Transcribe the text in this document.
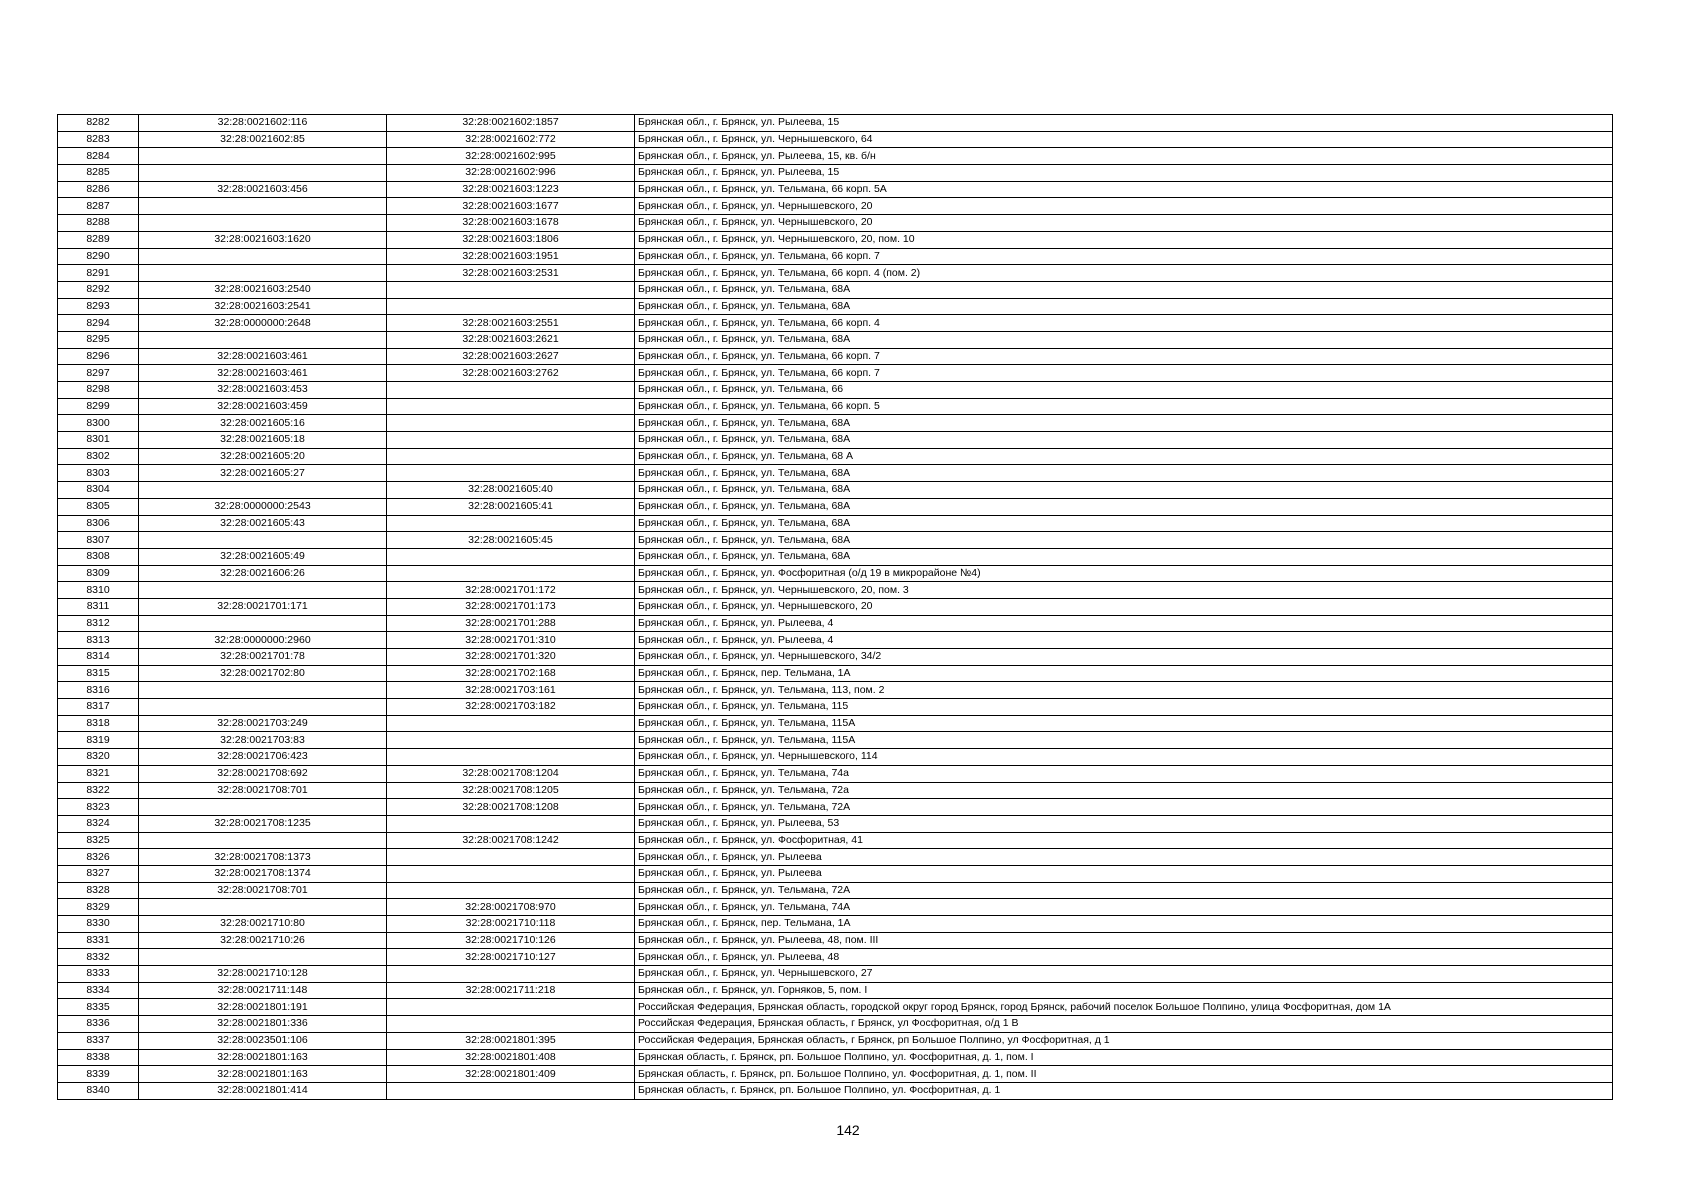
8282	32:28:0021602:116	32:28:0021602:1857	Брянская обл., г. Брянск, ул. Рылеева, 15
8283	32:28:0021602:85	32:28:0021602:772	Брянская обл., г. Брянск, ул. Чернышевского, 64
8284		32:28:0021602:995	Брянская обл., г. Брянск, ул. Рылеева, 15, кв. б/н
8285		32:28:0021602:996	Брянская обл., г. Брянск, ул. Рылеева, 15
8286	32:28:0021603:456	32:28:0021603:1223	Брянская обл., г. Брянск, ул. Тельмана, 66 корп. 5А
8287		32:28:0021603:1677	Брянская обл., г. Брянск, ул. Чернышевского, 20
8288		32:28:0021603:1678	Брянская обл., г. Брянск, ул. Чернышевского, 20
8289	32:28:0021603:1620	32:28:0021603:1806	Брянская обл., г. Брянск, ул. Чернышевского, 20, пом. 10
8290		32:28:0021603:1951	Брянская обл., г. Брянск, ул. Тельмана, 66 корп. 7
8291		32:28:0021603:2531	Брянская обл., г. Брянск, ул. Тельмана, 66 корп. 4 (пом. 2)
8292	32:28:0021603:2540		Брянская обл., г. Брянск, ул. Тельмана, 68А
8293	32:28:0021603:2541		Брянская обл., г. Брянск, ул. Тельмана, 68А
8294	32:28:0000000:2648	32:28:0021603:2551	Брянская обл., г. Брянск, ул. Тельмана, 66 корп. 4
8295		32:28:0021603:2621	Брянская обл., г. Брянск, ул. Тельмана, 68А
8296	32:28:0021603:461	32:28:0021603:2627	Брянская обл., г. Брянск, ул. Тельмана, 66 корп. 7
8297	32:28:0021603:461	32:28:0021603:2762	Брянская обл., г. Брянск, ул. Тельмана, 66 корп. 7
8298	32:28:0021603:453		Брянская обл., г. Брянск, ул. Тельмана, 66
8299	32:28:0021603:459		Брянская обл., г. Брянск, ул. Тельмана, 66 корп. 5
8300	32:28:0021605:16		Брянская обл., г. Брянск, ул. Тельмана, 68А
8301	32:28:0021605:18		Брянская обл., г. Брянск, ул. Тельмана, 68А
8302	32:28:0021605:20		Брянская обл., г. Брянск, ул. Тельмана, 68 А
8303	32:28:0021605:27		Брянская обл., г. Брянск, ул. Тельмана, 68А
8304		32:28:0021605:40	Брянская обл., г. Брянск, ул. Тельмана, 68А
8305	32:28:0000000:2543	32:28:0021605:41	Брянская обл., г. Брянск, ул. Тельмана, 68А
8306	32:28:0021605:43		Брянская обл., г. Брянск, ул. Тельмана, 68А
8307		32:28:0021605:45	Брянская обл., г. Брянск, ул. Тельмана, 68А
8308	32:28:0021605:49		Брянская обл., г. Брянск, ул. Тельмана, 68А
8309	32:28:0021606:26		Брянская обл., г. Брянск, ул. Фосфоритная (о/д 19 в микрорайоне №4)
8310		32:28:0021701:172	Брянская обл., г. Брянск, ул. Чернышевского, 20, пом. 3
8311	32:28:0021701:171	32:28:0021701:173	Брянская обл., г. Брянск, ул. Чернышевского, 20
8312		32:28:0021701:288	Брянская обл., г. Брянск, ул. Рылеева, 4
8313	32:28:0000000:2960	32:28:0021701:310	Брянская обл., г. Брянск, ул. Рылеева, 4
8314	32:28:0021701:78	32:28:0021701:320	Брянская обл., г. Брянск, ул. Чернышевского, 34/2
8315	32:28:0021702:80	32:28:0021702:168	Брянская обл., г. Брянск, пер. Тельмана, 1А
8316		32:28:0021703:161	Брянская обл., г. Брянск, ул. Тельмана, 113, пом. 2
8317		32:28:0021703:182	Брянская обл., г. Брянск, ул. Тельмана, 115
8318	32:28:0021703:249		Брянская обл., г. Брянск, ул. Тельмана, 115А
8319	32:28:0021703:83		Брянская обл., г. Брянск, ул. Тельмана, 115А
8320	32:28:0021706:423		Брянская обл., г. Брянск, ул. Чернышевского, 114
8321	32:28:0021708:692	32:28:0021708:1204	Брянская обл., г. Брянск, ул. Тельмана, 74а
8322	32:28:0021708:701	32:28:0021708:1205	Брянская обл., г. Брянск, ул. Тельмана, 72а
8323		32:28:0021708:1208	Брянская обл., г. Брянск, ул. Тельмана, 72А
8324	32:28:0021708:1235		Брянская обл., г. Брянск, ул. Рылеева, 53
8325		32:28:0021708:1242	Брянская обл., г. Брянск, ул. Фосфоритная, 41
8326	32:28:0021708:1373		Брянская обл., г. Брянск, ул. Рылеева
8327	32:28:0021708:1374		Брянская обл., г. Брянск, ул. Рылеева
8328	32:28:0021708:701		Брянская обл., г. Брянск, ул. Тельмана, 72А
8329		32:28:0021708:970	Брянская обл., г. Брянск, ул. Тельмана, 74А
8330	32:28:0021710:80	32:28:0021710:118	Брянская обл., г. Брянск, пер. Тельмана, 1А
8331	32:28:0021710:26	32:28:0021710:126	Брянская обл., г. Брянск, ул. Рылеева, 48, пом. III
8332		32:28:0021710:127	Брянская обл., г. Брянск, ул. Рылеева, 48
8333	32:28:0021710:128		Брянская обл., г. Брянск, ул. Чернышевского, 27
8334	32:28:0021711:148	32:28:0021711:218	Брянская обл., г. Брянск, ул. Горняков, 5, пом. I
8335	32:28:0021801:191		Российская Федерация, Брянская область, городской округ город Брянск, город Брянск, рабочий поселок Большое Полпино, улица Фосфоритная, дом 1А
8336	32:28:0021801:336		Российская Федерация, Брянская область, г Брянск, ул Фосфоритная, о/д 1 В
8337	32:28:0023501:106	32:28:0021801:395	Российская Федерация, Брянская область, г Брянск, рп Большое Полпино, ул Фосфоритная, д 1
8338	32:28:0021801:163	32:28:0021801:408	Брянская область, г. Брянск, рп. Большое Полпино, ул. Фосфоритная, д. 1, пом. I
8339	32:28:0021801:163	32:28:0021801:409	Брянская область, г. Брянск, рп. Большое Полпино, ул. Фосфоритная, д. 1, пом. II
8340	32:28:0021801:414		Брянская область, г. Брянск, рп. Большое Полпино, ул. Фосфоритная, д. 1
142
